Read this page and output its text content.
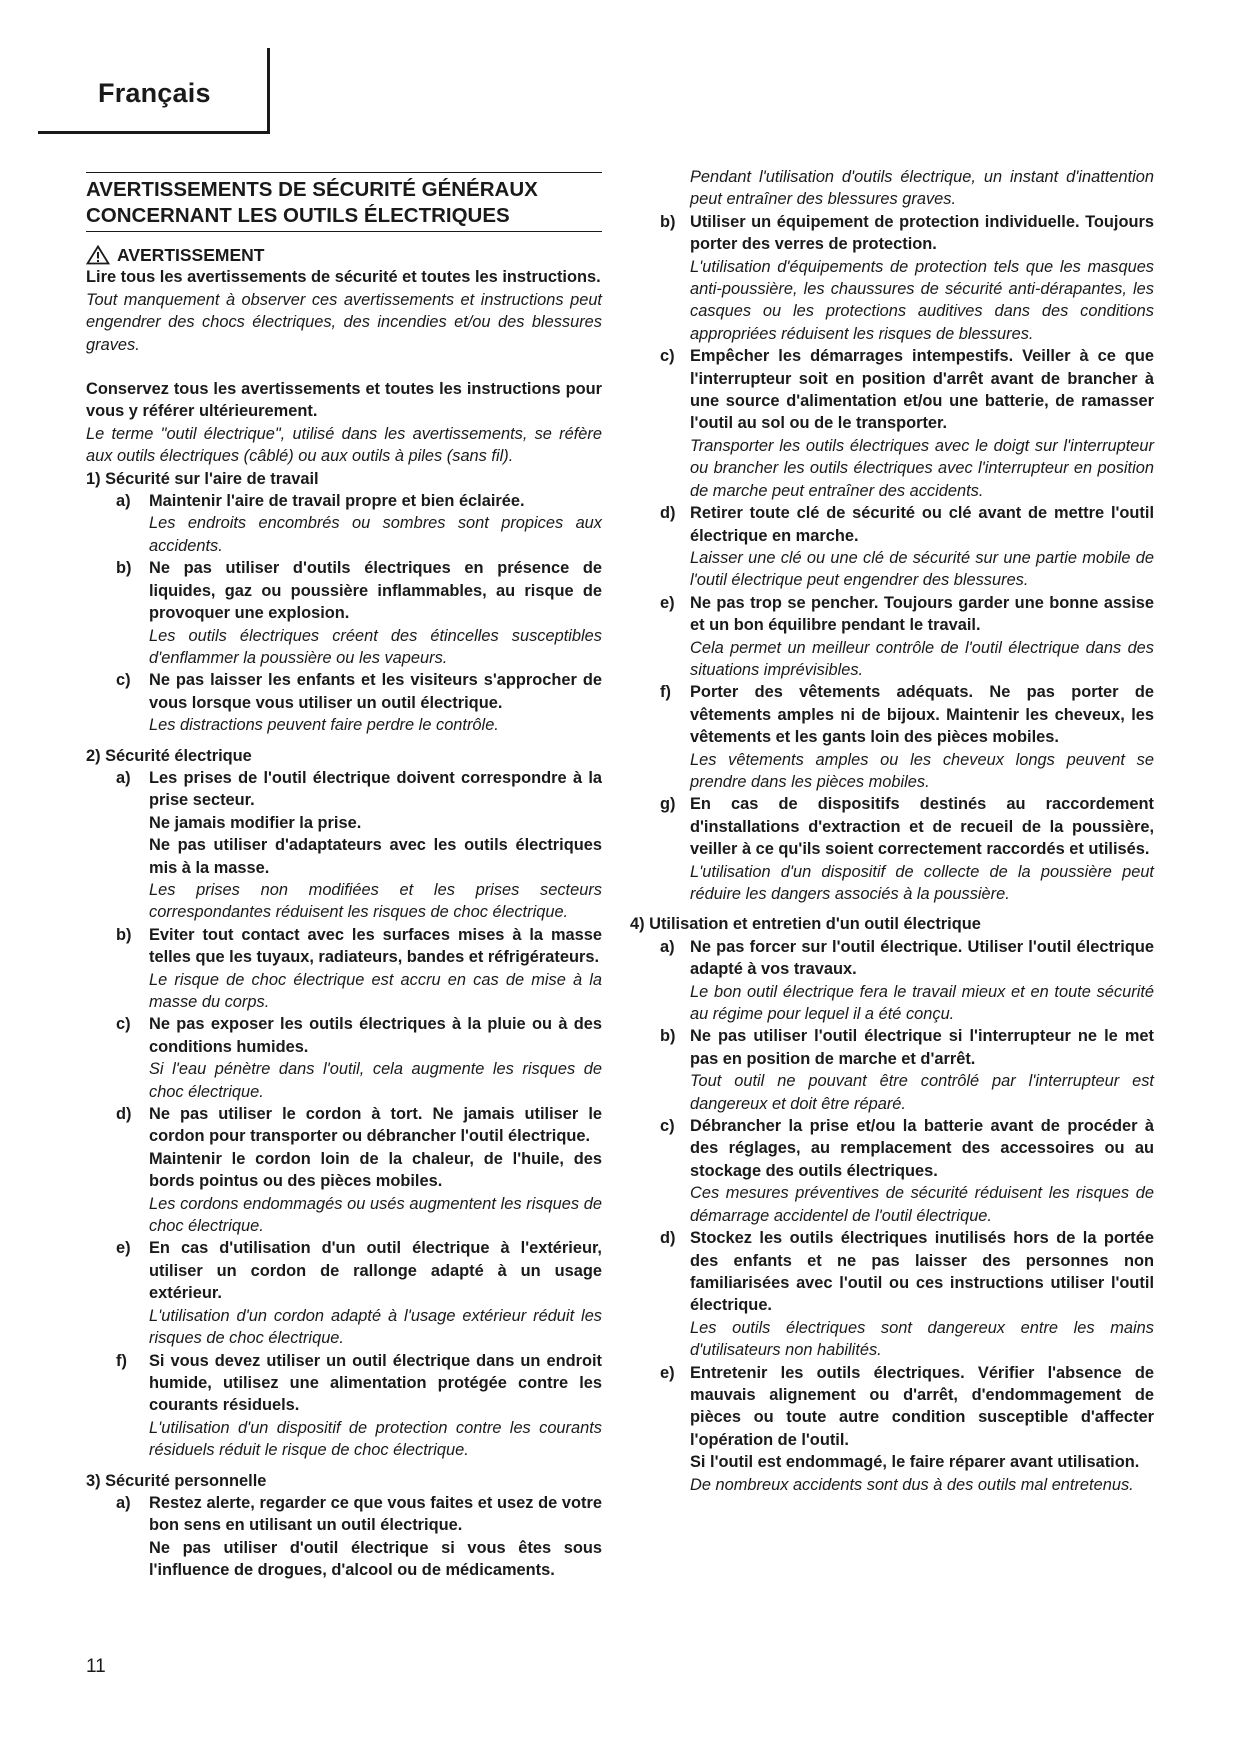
Français
AVERTISSEMENTS DE SÉCURITÉ GÉNÉRAUX
CONCERNANT LES OUTILS ÉLECTRIQUES
AVERTISSEMENT
Lire tous les avertissements de sécurité et toutes les instructions.
Tout manquement à observer ces avertissements et instructions peut engendrer des chocs électriques, des incendies et/ou des blessures graves.
Conservez tous les avertissements et toutes les instructions pour vous y référer ultérieurement.
Le terme "outil électrique", utilisé dans les avertissements, se réfère aux outils électriques (câblé) ou aux outils à piles (sans fil).
1) Sécurité sur l'aire de travail
a)	Maintenir l'aire de travail propre et bien éclairée.
Les endroits encombrés ou sombres sont propices aux accidents.
b)	Ne pas utiliser d'outils électriques en présence de liquides, gaz ou poussière inflammables, au risque de provoquer une explosion.
Les outils électriques créent des étincelles susceptibles d'enflammer la poussière ou les vapeurs.
c)	Ne pas laisser les enfants et les visiteurs s'approcher de vous lorsque vous utiliser un outil électrique.
Les distractions peuvent faire perdre le contrôle.
2) Sécurité électrique
a)	Les prises de l'outil électrique doivent correspondre à la prise secteur.
Ne jamais modifier la prise.
Ne pas utiliser d'adaptateurs avec les outils électriques mis à la masse.
Les prises non modifiées et les prises secteurs correspondantes réduisent les risques de choc électrique.
b)	Eviter tout contact avec les surfaces mises à la masse telles que les tuyaux, radiateurs, bandes et réfrigérateurs.
Le risque de choc électrique est accru en cas de mise à la masse du corps.
c)	Ne pas exposer les outils électriques à la pluie ou à des conditions humides.
Si l'eau pénètre dans l'outil, cela augmente les risques de choc électrique.
d)	Ne pas utiliser le cordon à tort. Ne jamais utiliser le cordon pour transporter ou débrancher l'outil électrique.
Maintenir le cordon loin de la chaleur, de l'huile, des bords pointus ou des pièces mobiles.
Les cordons endommagés ou usés augmentent les risques de choc électrique.
e)	En cas d'utilisation d'un outil électrique à l'extérieur, utiliser un cordon de rallonge adapté à un usage extérieur.
L'utilisation d'un cordon adapté à l'usage extérieur réduit les risques de choc électrique.
f)	Si vous devez utiliser un outil électrique dans un endroit humide, utilisez une alimentation protégée contre les courants résiduels.
L'utilisation d'un dispositif de protection contre les courants résiduels réduit le risque de choc électrique.
3) Sécurité personnelle
a)	Restez alerte, regarder ce que vous faites et usez de votre bon sens en utilisant un outil électrique.
Ne pas utiliser d'outil électrique si vous êtes sous l'influence de drogues, d'alcool ou de médicaments.
Pendant l'utilisation d'outils électrique, un instant d'inattention peut entraîner des blessures graves.
b) Utiliser un équipement de protection individuelle. Toujours porter des verres de protection.
L'utilisation d'équipements de protection tels que les masques anti-poussière, les chaussures de sécurité anti-dérapantes, les casques ou les protections auditives dans des conditions appropriées réduisent les risques de blessures.
c) Empêcher les démarrages intempestifs. Veiller à ce que l'interrupteur soit en position d'arrêt avant de brancher à une source d'alimentation et/ou une batterie, de ramasser l'outil au sol ou de le transporter.
Transporter les outils électriques avec le doigt sur l'interrupteur ou brancher les outils électriques avec l'interrupteur en position de marche peut entraîner des accidents.
d) Retirer toute clé de sécurité ou clé avant de mettre l'outil électrique en marche.
Laisser une clé ou une clé de sécurité sur une partie mobile de l'outil électrique peut engendrer des blessures.
e) Ne pas trop se pencher. Toujours garder une bonne assise et un bon équilibre pendant le travail.
Cela permet un meilleur contrôle de l'outil électrique dans des situations imprévisibles.
f)	Porter des vêtements adéquats. Ne pas porter de vêtements amples ni de bijoux. Maintenir les cheveux, les vêtements et les gants loin des pièces mobiles.
Les vêtements amples ou les cheveux longs peuvent se prendre dans les pièces mobiles.
g) En cas de dispositifs destinés au raccordement d'installations d'extraction et de recueil de la poussière, veiller à ce qu'ils soient correctement raccordés et utilisés.
L'utilisation d'un dispositif de collecte de la poussière peut réduire les dangers associés à la poussière.
4) Utilisation et entretien d'un outil électrique
a) Ne pas forcer sur l'outil électrique. Utiliser l'outil électrique adapté à vos travaux.
Le bon outil électrique fera le travail mieux et en toute sécurité au régime pour lequel il a été conçu.
b) Ne pas utiliser l'outil électrique si l'interrupteur ne le met pas en position de marche et d'arrêt.
Tout outil ne pouvant être contrôlé par l'interrupteur est dangereux et doit être réparé.
c) Débrancher la prise et/ou la batterie avant de procéder à des réglages, au remplacement des accessoires ou au stockage des outils électriques.
Ces mesures préventives de sécurité réduisent les risques de démarrage accidentel de l'outil électrique.
d) Stockez les outils électriques inutilisés hors de la portée des enfants et ne pas laisser des personnes non familiarisées avec l'outil ou ces instructions utiliser l'outil électrique.
Les outils électriques sont dangereux entre les mains d'utilisateurs non habilités.
e) Entretenir les outils électriques. Vérifier l'absence de mauvais alignement ou d'arrêt, d'endommagement de pièces ou toute autre condition susceptible d'affecter l'opération de l'outil.
Si l'outil est endommagé, le faire réparer avant utilisation.
De nombreux accidents sont dus à des outils mal entretenus.
11
